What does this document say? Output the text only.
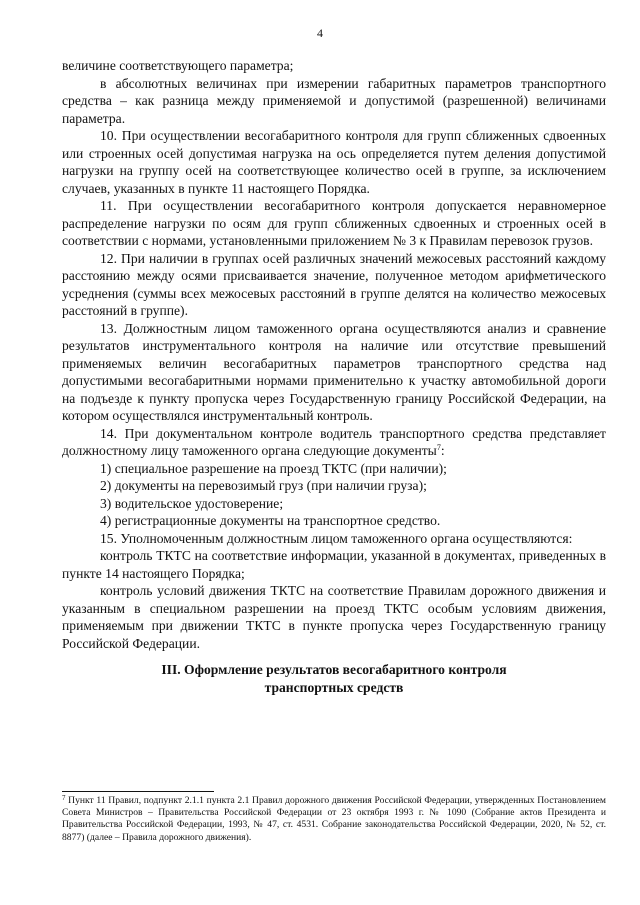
4

величине соответствующего параметра;

в абсолютных величинах при измерении габаритных параметров транспортного средства – как разница между применяемой и допустимой (разрешенной) величинами параметра.

10. При осуществлении весогабаритного контроля для групп сближенных сдвоенных или строенных осей допустимая нагрузка на ось определяется путем деления допустимой нагрузки на группу осей на соответствующее количество осей в группе, за исключением случаев, указанных в пункте 11 настоящего Порядка.

11. При осуществлении весогабаритного контроля допускается неравномерное распределение нагрузки по осям для групп сближенных сдвоенных и строенных осей в соответствии с нормами, установленными приложением № 3 к Правилам перевозок грузов.

12. При наличии в группах осей различных значений межосевых расстояний каждому расстоянию между осями присваивается значение, полученное методом арифметического усреднения (суммы всех межосевых расстояний в группе делятся на количество межосевых расстояний в группе).

13. Должностным лицом таможенного органа осуществляются анализ и сравнение результатов инструментального контроля на наличие или отсутствие превышений применяемых величин весогабаритных параметров транспортного средства над допустимыми весогабаритными нормами применительно к участку автомобильной дороги на подъезде к пункту пропуска через Государственную границу Российской Федерации, на котором осуществлялся инструментальный контроль.

14. При документальном контроле водитель транспортного средства представляет должностному лицу таможенного органа следующие документы$^7$:

1) специальное разрешение на проезд ТКТС (при наличии);

2) документы на перевозимый груз (при наличии груза);

3) водительское удостоверение;

4) регистрационные документы на транспортное средство.

15. Уполномоченным должностным лицом таможенного органа осуществляются:

контроль ТКТС на соответствие информации, указанной в документах, приведенных в пункте 14 настоящего Порядка;

контроль условий движения ТКТС на соответствие Правилам дорожного движения и указанным в специальном разрешении на проезд ТКТС особым условиям движения, применяемым при движении ТКТС в пункте пропуска через Государственную границу Российской Федерации.

III. Оформление результатов весогабаритного контроля
транспортных средств

$^7$ Пункт 11 Правил, подпункт 2.1.1 пункта 2.1 Правил дорожного движения Российской Федерации, утвержденных Постановлением Совета Министров – Правительства Российской Федерации от 23 октября 1993 г. № 1090 (Собрание актов Президента и Правительства Российской Федерации, 1993, № 47, ст. 4531. Собрание законодательства Российской Федерации, 2020, № 52, ст. 8877) (далее – Правила дорожного движения).
